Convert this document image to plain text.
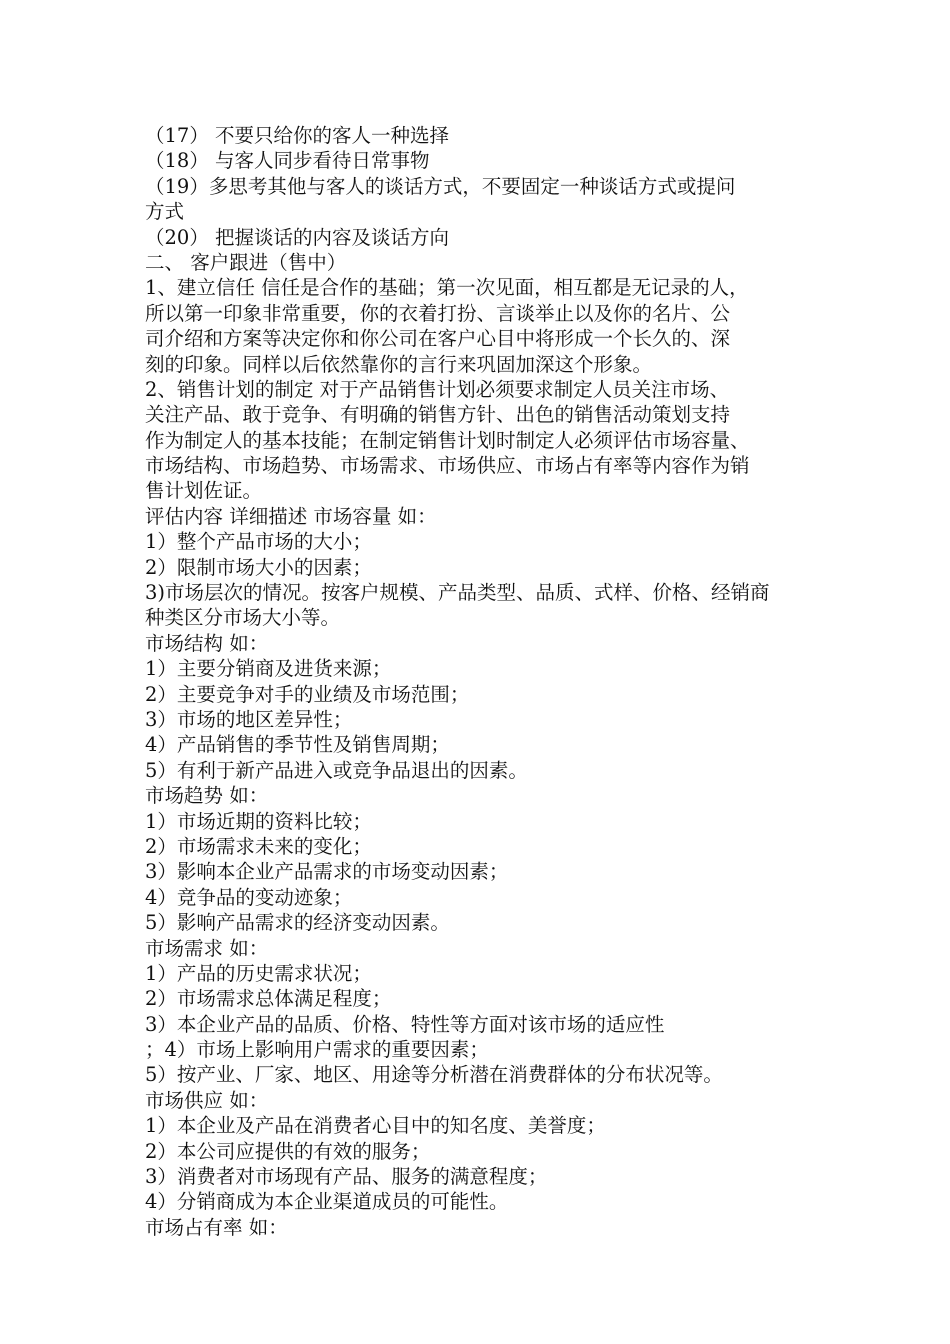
（17） 不要只给你的客人一种选择
（18） 与客人同步看待日常事物
（19）多思考其他与客人的谈话方式，不要固定一种谈话方式或提问
方式
（20） 把握谈话的内容及谈话方向
二、 客户跟进（售中）
1、建立信任 信任是合作的基础；第一次见面，相互都是无记录的人，
所以第一印象非常重要，你的衣着打扮、言谈举止以及你的名片、公
司介绍和方案等决定你和你公司在客户心目中将形成一个长久的、深
刻的印象。同样以后依然靠你的言行来巩固加深这个形象。
2、销售计划的制定 对于产品销售计划必须要求制定人员关注市场、
关注产品、敢于竞争、有明确的销售方针、出色的销售活动策划支持
作为制定人的基本技能；在制定销售计划时制定人必须评估市场容量、
市场结构、市场趋势、市场需求、市场供应、市场占有率等内容作为销
售计划佐证。
评估内容 详细描述 市场容量 如：
1）整个产品市场的大小；
2）限制市场大小的因素；
3)市场层次的情况。按客户规模、产品类型、品质、式样、价格、经销商
种类区分市场大小等。
市场结构 如：
1）主要分销商及进货来源；
2）主要竞争对手的业绩及市场范围；
3）市场的地区差异性；
4）产品销售的季节性及销售周期；
5）有利于新产品进入或竞争品退出的因素。
市场趋势 如：
1）市场近期的资料比较；
2）市场需求未来的变化；
3）影响本企业产品需求的市场变动因素；
4）竞争品的变动迹象；
5）影响产品需求的经济变动因素。
市场需求 如：
1）产品的历史需求状况；
2）市场需求总体满足程度；
3）本企业产品的品质、价格、特性等方面对该市场的适应性
；4）市场上影响用户需求的重要因素；
5）按产业、厂家、地区、用途等分析潜在消费群体的分布状况等。
市场供应 如：
1）本企业及产品在消费者心目中的知名度、美誉度；
2）本公司应提供的有效的服务；
3）消费者对市场现有产品、服务的满意程度；
4）分销商成为本企业渠道成员的可能性。
市场占有率 如：
